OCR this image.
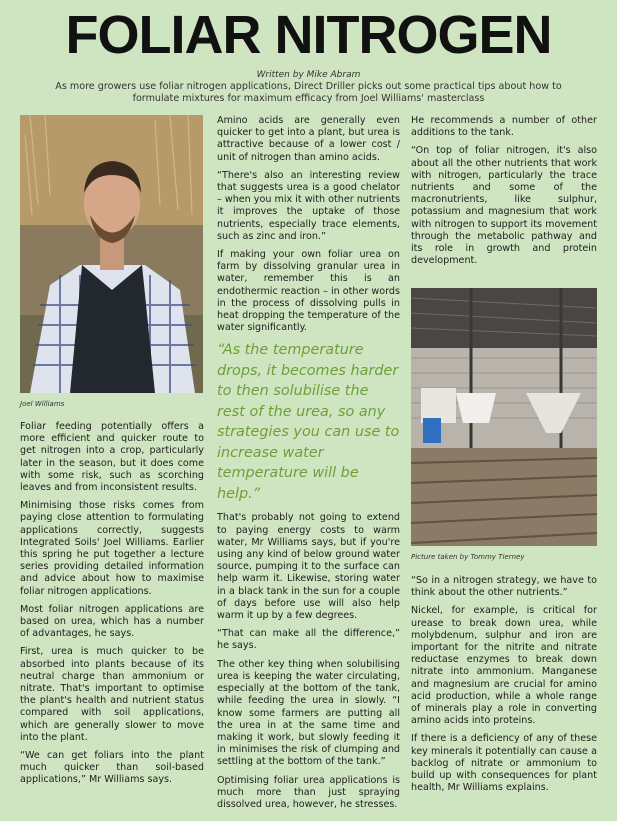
FOLIAR NITROGEN
Written by Mike Abram
As more growers use foliar nitrogen applications, Direct Driller picks out some practical tips about how to formulate mixtures for maximum efficacy from Joel Williams' masterclass
Joel Williams
Picture taken by Tommy Tierney

Foliar feeding potentially offers a more efficient and quicker route to get nitrogen into a crop, particularly later in the season, but it does come with some risk, such as scorching leaves and from inconsistent results.

Minimising those risks comes from paying close attention to formulating applications correctly, suggests Integrated Soils' Joel Williams. Earlier this spring he put together a lecture series providing detailed information and advice about how to maximise foliar nitrogen applications.

Most foliar nitrogen applications are based on urea, which has a number of advantages, he says.

First, urea is much quicker to be absorbed into plants because of its neutral charge than ammonium or nitrate. That's important to optimise the plant's health and nutrient status compared with soil applications, which are generally slower to move into the plant.

“We can get foliars into the plant much quicker than soil-based applications,” Mr Williams says.

Amino acids are generally even quicker to get into a plant, but urea is attractive because of a lower cost / unit of nitrogen than amino acids.

“There's also an interesting review that suggests urea is a good chelator – when you mix it with other nutrients it improves the uptake of those nutrients, especially trace elements, such as zinc and iron.”

If making your own foliar urea on farm by dissolving granular urea in water, remember this is an endothermic reaction – in other words in the process of dissolving pulls in heat dropping the temperature of the water significantly.

“As the temperature drops, it becomes harder to then solubilise the rest of the urea, so any strategies you can use to increase water temperature will be help.”

That's probably not going to extend to paying energy costs to warm water, Mr Williams says, but if you're using any kind of below ground water source, pumping it to the surface can help warm it. Likewise, storing water in a black tank in the sun for a couple of days before use will also help warm it up by a few degrees.

“That can make all the difference,” he says.

The other key thing when solubilising urea is keeping the water circulating, especially at the bottom of the tank, while feeding the urea in slowly. “I know some farmers are putting all the urea in at the same time and making it work, but slowly feeding it in minimises the risk of clumping and settling at the bottom of the tank.”

Optimising foliar urea applications is much more than just spraying dissolved urea, however, he stresses.

He recommends a number of other additions to the tank.

“On top of foliar nitrogen, it's also about all the other nutrients that work with nitrogen, particularly the trace nutrients and some of the macronutrients, like sulphur, potassium and magnesium that work with nitrogen to support its movement through the metabolic pathway and its role in growth and protein development.

“So in a nitrogen strategy, we have to think about the other nutrients.”

Nickel, for example, is critical for urease to break down urea, while molybdenum, sulphur and iron are important for the nitrite and nitrate reductase enzymes to break down nitrate into ammonium. Manganese and magnesium are crucial for amino acid production, while a whole range of minerals play a role in converting amino acids into proteins.

If there is a deficiency of any of these key minerals it potentially can cause a backlog of nitrate or ammonium to build up with consequences for plant health, Mr Williams explains.
